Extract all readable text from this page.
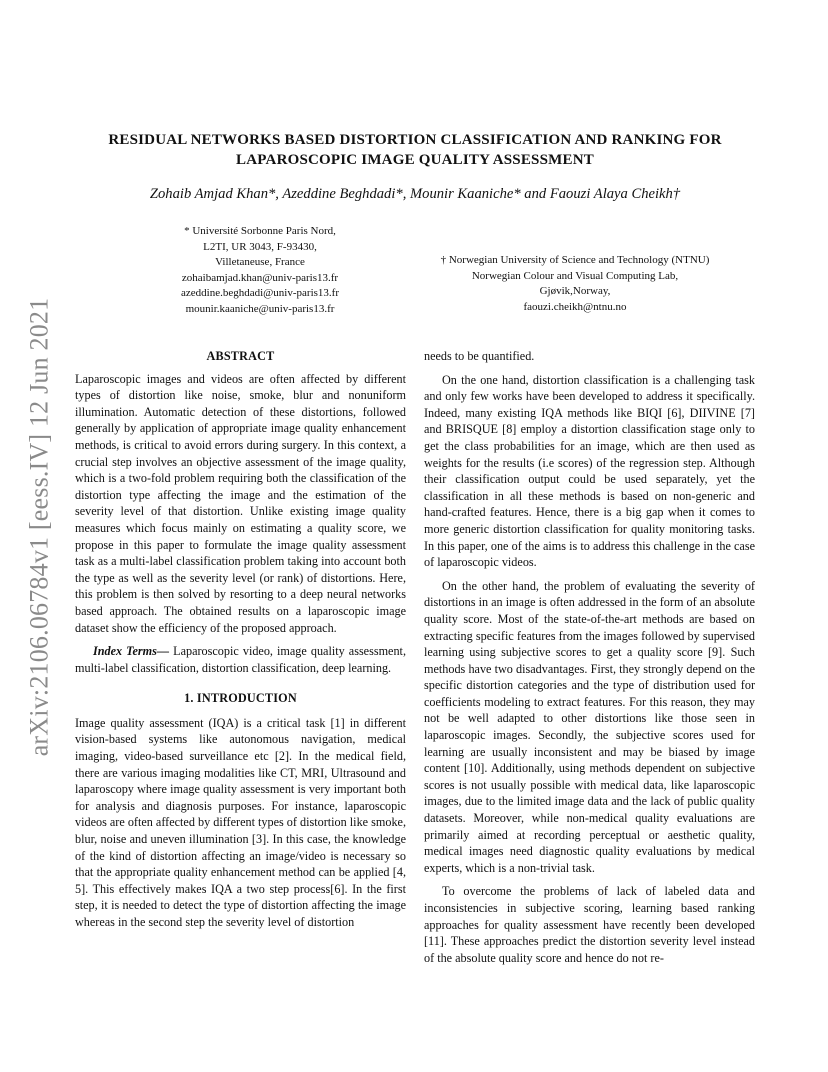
arXiv:2106.06784v1 [eess.IV] 12 Jun 2021
RESIDUAL NETWORKS BASED DISTORTION CLASSIFICATION AND RANKING FOR
LAPAROSCOPIC IMAGE QUALITY ASSESSMENT
Zohaib Amjad Khan*, Azeddine Beghdadi*, Mounir Kaaniche* and Faouzi Alaya Cheikh†
* Université Sorbonne Paris Nord,
L2TI, UR 3043, F-93430,
Villetaneuse, France
zohaibamjad.khan@univ-paris13.fr
azeddine.beghdadi@univ-paris13.fr
mounir.kaaniche@univ-paris13.fr
† Norwegian University of Science and Technology (NTNU)
Norwegian Colour and Visual Computing Lab,
Gjøvik,Norway,
faouzi.cheikh@ntnu.no
ABSTRACT

Laparoscopic images and videos are often affected by different types of distortion like noise, smoke, blur and nonuniform illumination. Automatic detection of these distortions, followed generally by application of appropriate image quality enhancement methods, is critical to avoid errors during surgery. In this context, a crucial step involves an objective assessment of the image quality, which is a two-fold problem requiring both the classification of the distortion type affecting the image and the estimation of the severity level of that distortion. Unlike existing image quality measures which focus mainly on estimating a quality score, we propose in this paper to formulate the image quality assessment task as a multi-label classification problem taking into account both the type as well as the severity level (or rank) of distortions. Here, this problem is then solved by resorting to a deep neural networks based approach. The obtained results on a laparoscopic image dataset show the efficiency of the proposed approach.

Index Terms— Laparoscopic video, image quality assessment, multi-label classification, distortion classification, deep learning.

1. INTRODUCTION

Image quality assessment (IQA) is a critical task [1] in different vision-based systems like autonomous navigation, medical imaging, video-based surveillance etc [2]. In the medical field, there are various imaging modalities like CT, MRI, Ultrasound and laparoscopy where image quality assessment is very important both for analysis and diagnosis purposes. For instance, laparoscopic videos are often affected by different types of distortion like smoke, blur, noise and uneven illumination [3]. In this case, the knowledge of the kind of distortion affecting an image/video is necessary so that the appropriate quality enhancement method can be applied [4, 5]. This effectively makes IQA a two step process[6]. In the first step, it is needed to detect the type of distortion affecting the image whereas in the second step the severity level of distortion

needs to be quantified.

On the one hand, distortion classification is a challenging task and only few works have been developed to address it specifically. Indeed, many existing IQA methods like BIQI [6], DIIVINE [7] and BRISQUE [8] employ a distortion classification stage only to get the class probabilities for an image, which are then used as weights for the results (i.e scores) of the regression step. Although their classification output could be used separately, yet the classification in all these methods is based on non-generic and hand-crafted features. Hence, there is a big gap when it comes to more generic distortion classification for quality monitoring tasks. In this paper, one of the aims is to address this challenge in the case of laparoscopic videos.

On the other hand, the problem of evaluating the severity of distortions in an image is often addressed in the form of an absolute quality score. Most of the state-of-the-art methods are based on extracting specific features from the images followed by supervised learning using subjective scores to get a quality score [9]. Such methods have two disadvantages. First, they strongly depend on the specific distortion categories and the type of distribution used for coefficients modeling to extract features. For this reason, they may not be well adapted to other distortions like those seen in laparoscopic images. Secondly, the subjective scores used for learning are usually inconsistent and may be biased by image content [10]. Additionally, using methods dependent on subjective scores is not usually possible with medical data, like laparoscopic images, due to the limited image data and the lack of public quality datasets. Moreover, while non-medical quality evaluations are primarily aimed at recording perceptual or aesthetic quality, medical images need diagnostic quality evaluations by medical experts, which is a non-trivial task.

To overcome the problems of lack of labeled data and inconsistencies in subjective scoring, learning based ranking approaches for quality assessment have recently been developed [11]. These approaches predict the distortion severity level instead of the absolute quality score and hence do not re-
